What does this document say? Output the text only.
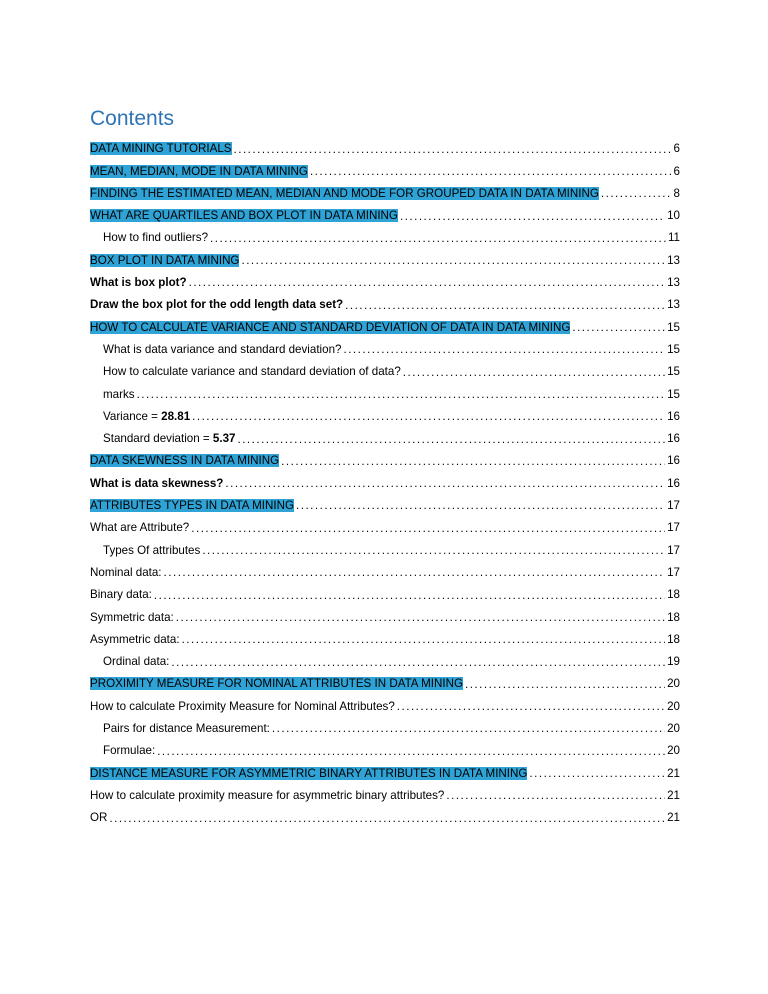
Contents
DATA MINING TUTORIALS .....	6
MEAN, MEDIAN, MODE IN DATA MINING .....	6
FINDING THE ESTIMATED MEAN, MEDIAN AND MODE FOR GROUPED DATA IN DATA MINING .....	8
WHAT ARE QUARTILES AND BOX PLOT IN DATA MINING .....	10
How to find outliers? .....	11
BOX PLOT IN DATA MINING .....	13
What is box plot? .....	13
Draw the box plot for the odd length data set? .....	13
HOW TO CALCULATE VARIANCE AND STANDARD DEVIATION OF DATA IN DATA MINING .....	15
What is data variance and standard deviation? .....	15
How to calculate variance and standard deviation of data? .....	15
marks .....	15
Variance = 28.81 .....	16
Standard deviation = 5.37 .....	16
DATA SKEWNESS IN DATA MINING .....	16
What is data skewness? .....	16
ATTRIBUTES TYPES IN DATA MINING .....	17
What are Attribute? .....	17
Types Of attributes .....	17
Nominal data: .....	17
Binary data: .....	18
Symmetric data: .....	18
Asymmetric data: .....	18
Ordinal data: .....	19
PROXIMITY MEASURE FOR NOMINAL ATTRIBUTES IN DATA MINING .....	20
How to calculate Proximity Measure for Nominal Attributes? .....	20
Pairs for distance Measurement: .....	20
Formulae: .....	20
DISTANCE MEASURE FOR ASYMMETRIC BINARY ATTRIBUTES IN DATA MINING .....	21
How to calculate proximity measure for asymmetric binary attributes? .....	21
OR .....	21
